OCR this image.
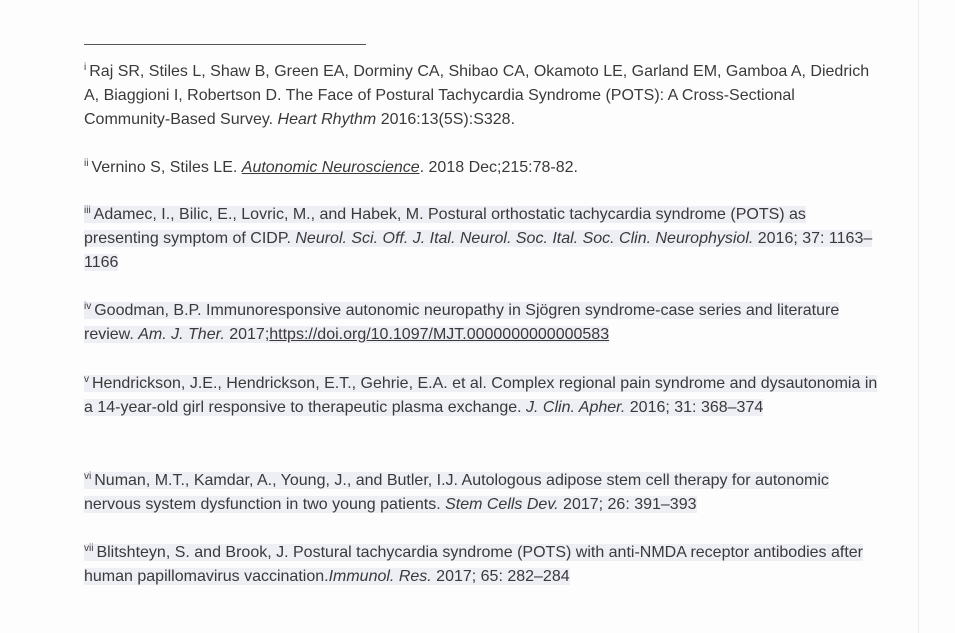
$^i$ Raj SR, Stiles L, Shaw B, Green EA, Dorminy CA, Shibao CA, Okamoto LE, Garland EM, Gamboa A, Diedrich A, Biaggioni I, Robertson D. The Face of Postural Tachycardia Syndrome (POTS): A Cross-Sectional Community-Based Survey. Heart Rhythm 2016:13(5S):S328.

$^{ii}$ Vernino S, Stiles LE. Autonomic Neuroscience. 2018 Dec;215:78-82.

$^{iii}$ Adamec, I., Bilic, E., Lovric, M., and Habek, M. Postural orthostatic tachycardia syndrome (POTS) as presenting symptom of CIDP. Neurol. Sci. Off. J. Ital. Neurol. Soc. Ital. Soc. Clin. Neurophysiol. 2016; 37: 1163–1166

$^{iv}$ Goodman, B.P. Immunoresponsive autonomic neuropathy in Sjögren syndrome-case series and literature review. Am. J. Ther. 2017;https://doi.org/10.1097/MJT.0000000000000583

$^v$ Hendrickson, J.E., Hendrickson, E.T., Gehrie, E.A. et al. Complex regional pain syndrome and dysautonomia in a 14-year-old girl responsive to therapeutic plasma exchange. J. Clin. Apher. 2016; 31: 368–374

$^{vi}$ Numan, M.T., Kamdar, A., Young, J., and Butler, I.J. Autologous adipose stem cell therapy for autonomic nervous system dysfunction in two young patients. Stem Cells Dev. 2017; 26: 391–393

$^{vii}$ Blitshteyn, S. and Brook, J. Postural tachycardia syndrome (POTS) with anti-NMDA receptor antibodies after human papillomavirus vaccination.Immunol. Res. 2017; 65: 282–284
